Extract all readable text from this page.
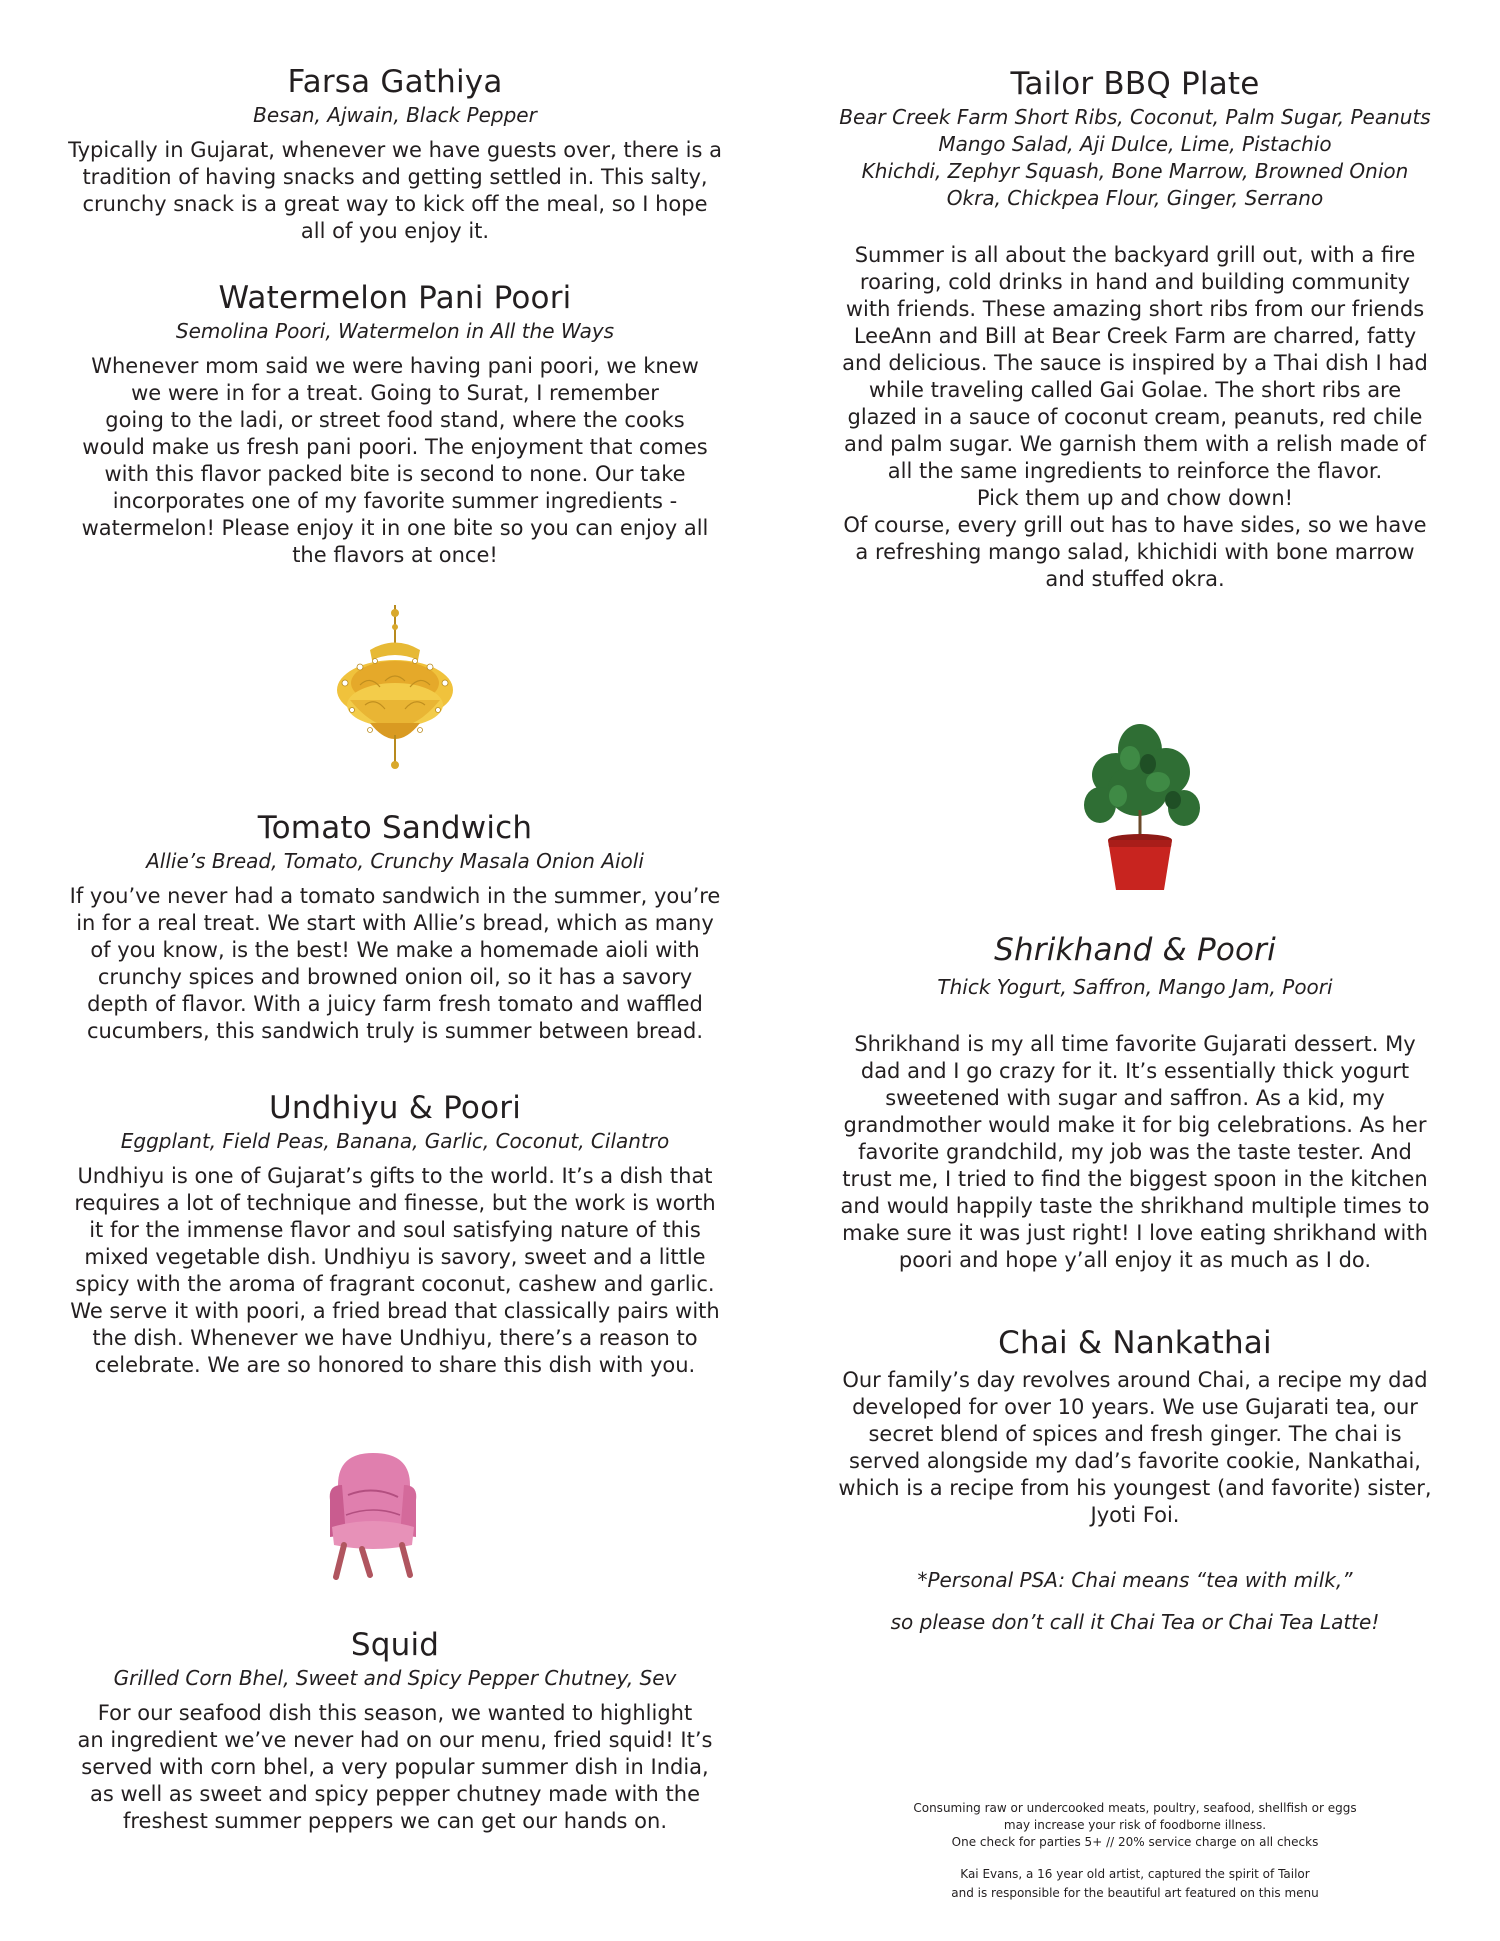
Farsa Gathiya
Besan, Ajwain, Black Pepper

Typically in Gujarat, whenever we have guests over, there is a

tradition of having snacks and getting settled in. This salty,

crunchy snack is a great way to kick off the meal, so I hope

all of you enjoy it.

Watermelon Pani Poori
Semolina Poori, Watermelon in All the Ways

Whenever mom said we were having pani poori, we knew

we were in for a treat. Going to Surat, I remember

going to the ladi, or street food stand, where the cooks

would make us fresh pani poori. The enjoyment that comes

with this flavor packed bite is second to none. Our take

incorporates one of my favorite summer ingredients -

watermelon! Please enjoy it in one bite so you can enjoy all

the flavors at once!

Tomato Sandwich
Allie’s Bread, Tomato, Crunchy Masala Onion Aioli

If you’ve never had a tomato sandwich in the summer, you’re

in for a real treat. We start with Allie’s bread, which as many

of you know, is the best! We make a homemade aioli with

crunchy spices and browned onion oil, so it has a savory

depth of flavor. With a juicy farm fresh tomato and waffled

cucumbers, this sandwich truly is summer between bread.

Undhiyu & Poori
Eggplant, Field Peas, Banana, Garlic, Coconut, Cilantro

Undhiyu is one of Gujarat’s gifts to the world. It’s a dish that

requires a lot of technique and finesse, but the work is worth

it for the immense flavor and soul satisfying nature of this

mixed vegetable dish. Undhiyu is savory, sweet and a little

spicy with the aroma of fragrant coconut, cashew and garlic.

We serve it with poori, a fried bread that classically pairs with

the dish. Whenever we have Undhiyu, there’s a reason to

celebrate. We are so honored to share this dish with you.

Squid
Grilled Corn Bhel, Sweet and Spicy Pepper Chutney, Sev

For our seafood dish this season, we wanted to highlight

an ingredient we’ve never had on our menu, fried squid! It’s

served with corn bhel, a very popular summer dish in India,

as well as sweet and spicy pepper chutney made with the

freshest summer peppers we can get our hands on.

Tailor BBQ Plate
Bear Creek Farm Short Ribs, Coconut, Palm Sugar, Peanuts
Mango Salad, Aji Dulce, Lime, Pistachio
Khichdi, Zephyr Squash, Bone Marrow, Browned Onion
Okra, Chickpea Flour, Ginger, Serrano

Summer is all about the backyard grill out, with a fire

roaring, cold drinks in hand and building community

with friends. These amazing short ribs from our friends

LeeAnn and Bill at Bear Creek Farm are charred, fatty

and delicious. The sauce is inspired by a Thai dish I had

while traveling called Gai Golae. The short ribs are

glazed in a sauce of coconut cream, peanuts, red chile

and palm sugar. We garnish them with a relish made of

all the same ingredients to reinforce the flavor.

Pick them up and chow down!

Of course, every grill out has to have sides, so we have

a refreshing mango salad, khichidi with bone marrow

and stuffed okra.

Shrikhand & Poori
Thick Yogurt, Saffron, Mango Jam, Poori

Shrikhand is my all time favorite Gujarati dessert. My

dad and I go crazy for it. It’s essentially thick yogurt

sweetened with sugar and saffron. As a kid, my

grandmother would make it for big celebrations. As her

favorite grandchild, my job was the taste tester. And

trust me, I tried to find the biggest spoon in the kitchen

and would happily taste the shrikhand multiple times to

make sure it was just right! I love eating shrikhand with

poori and hope y’all enjoy it as much as I do.

Chai & Nankathai

Our family’s day revolves around Chai, a recipe my dad

developed for over 10 years. We use Gujarati tea, our

secret blend of spices and fresh ginger. The chai is

served alongside my dad’s favorite cookie, Nankathai,

which is a recipe from his youngest (and favorite) sister,

Jyoti Foi.

*Personal PSA: Chai means “tea with milk,”
so please don’t call it Chai Tea or Chai Tea Latte!
Consuming raw or undercooked meats, poultry, seafood, shellfish or eggs
may increase your risk of foodborne illness.
One check for parties 5+ // 20% service charge on all checks
Kai Evans, a 16 year old artist, captured the spirit of Tailor
and is responsible for the beautiful art featured on this menu
